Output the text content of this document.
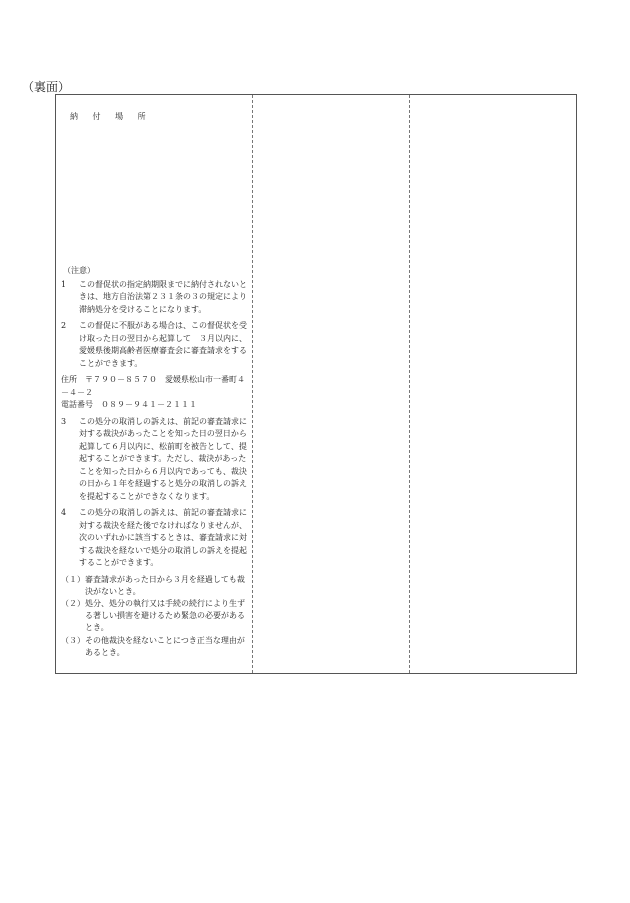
（裏面）
納 付 場 所
（注意）
1	この督促状の指定納期限までに納付されないときは、地方自治法第２３１条の３の規定により滞納処分を受けることになります。
2	この督促に不服がある場合は、この督促状を受け取った日の翌日から起算して　３月以内に、愛媛県後期高齢者医療審査会に審査請求をすることができます。
住所　〒７９０－８５７０　愛媛県松山市一番町４－４－２
電話番号　０８９－９４１－２１１１
3	この処分の取消しの訴えは、前記の審査請求に対する裁決があったことを知った日の翌日から起算して６月以内に、松前町を被告として、提起することができます。ただし、裁決があったことを知った日から６月以内であっても、裁決の日から１年を経過すると処分の取消しの訴えを提起することができなくなります。
4	この処分の取消しの訴えは、前記の審査請求に対する裁決を経た後でなければなりませんが、次のいずれかに該当するときは、審査請求に対する裁決を経ないで処分の取消しの訴えを提起することができます。
（１） 審査請求があった日から３月を経過しても裁決がないとき。
（２） 処分、処分の執行又は手続の続行により生ずる著しい損害を避けるため緊急の必要があるとき。
（３） その他裁決を経ないことにつき正当な理由があるとき。
